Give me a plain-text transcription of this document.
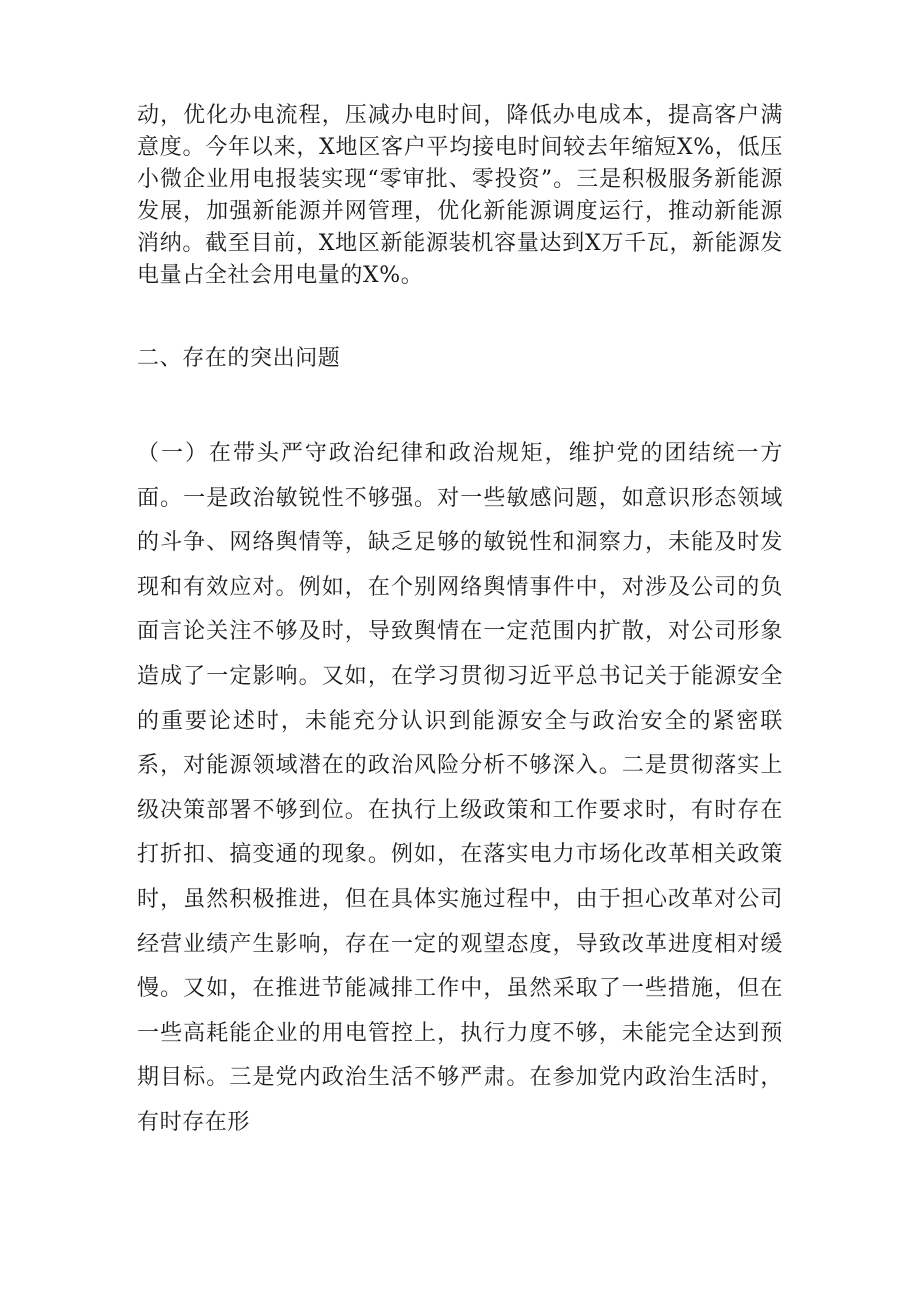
动，优化办电流程，压减办电时间，降低办电成本，提高客户满意度。今年以来，X地区客户平均接电时间较去年缩短X%，低压小微企业用电报装实现“零审批、零投资”。三是积极服务新能源发展，加强新能源并网管理，优化新能源调度运行，推动新能源消纳。截至目前，X地区新能源装机容量达到X万千瓦，新能源发电量占全社会用电量的X%。

二、存在的突出问题

（一）在带头严守政治纪律和政治规矩，维护党的团结统一方面。一是政治敏锐性不够强。对一些敏感问题，如意识形态领域的斗争、网络舆情等，缺乏足够的敏锐性和洞察力，未能及时发现和有效应对。例如，在个别网络舆情事件中，对涉及公司的负面言论关注不够及时，导致舆情在一定范围内扩散，对公司形象造成了一定影响。又如，在学习贯彻习近平总书记关于能源安全的重要论述时，未能充分认识到能源安全与政治安全的紧密联系，对能源领域潜在的政治风险分析不够深入。二是贯彻落实上级决策部署不够到位。在执行上级政策和工作要求时，有时存在打折扣、搞变通的现象。例如，在落实电力市场化改革相关政策时，虽然积极推进，但在具体实施过程中，由于担心改革对公司经营业绩产生影响，存在一定的观望态度，导致改革进度相对缓慢。又如，在推进节能减排工作中，虽然采取了一些措施，但在一些高耗能企业的用电管控上，执行力度不够，未能完全达到预期目标。三是党内政治生活不够严肃。在参加党内政治生活时，有时存在形
